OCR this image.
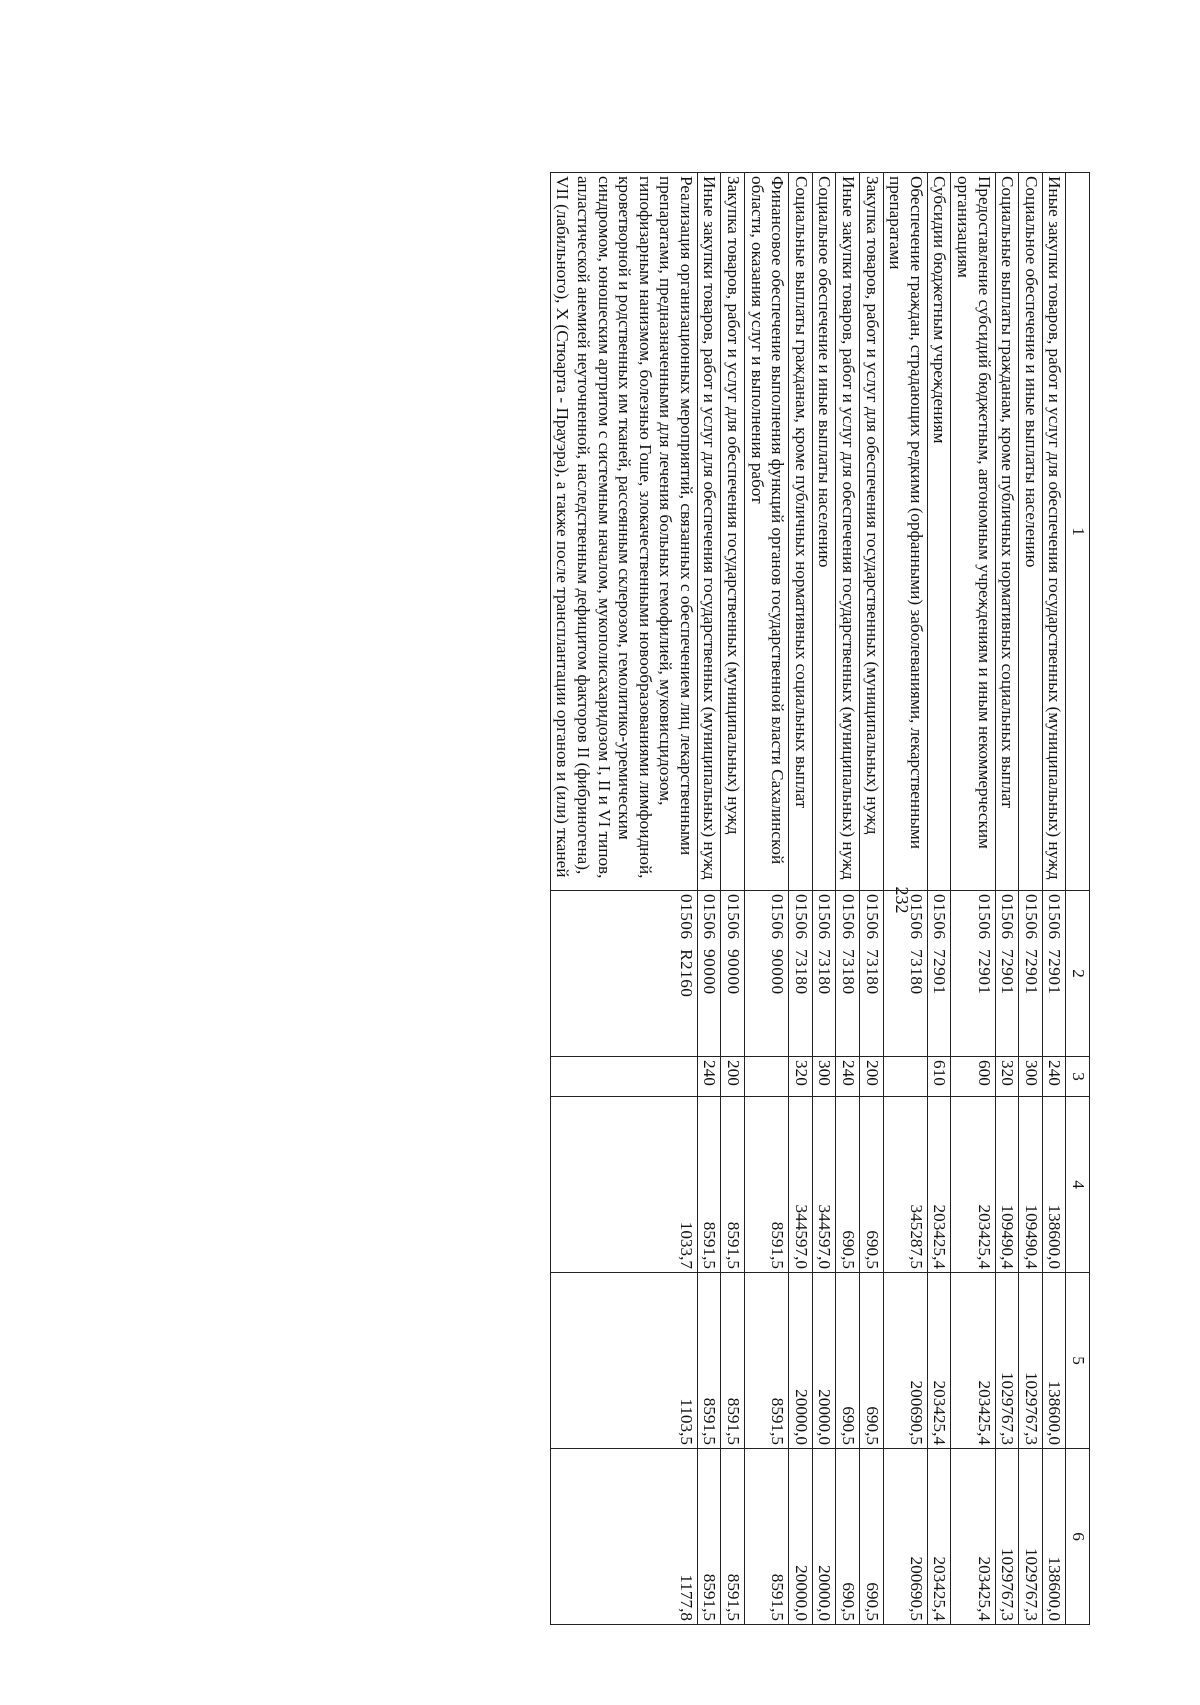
232
1	2	3	4	5	6
Иные закупки товаров, работ и услуг для обеспечения государственных (муниципальных) нужд	01506  72901	240	138600,0	138600,0	138600,0
Социальное обеспечение и иные выплаты населению	01506  72901	300	109490,4	1029767,3	1029767,3
Социальные выплаты гражданам, кроме публичных нормативных социальных выплат	01506  72901	320	109490,4	1029767,3	1029767,3
Предоставление субсидий бюджетным, автономным учреждениям и иным некоммерческим организациям	01506  72901	600	203425,4	203425,4	203425,4
Субсидии бюджетным учреждениям	01506  72901	610	203425,4	203425,4	203425,4
Обеспечение граждан, страдающих редкими (орфанными) заболеваниями, лекарственными препаратами	01506  73180		345287,5	200690,5	200690,5
Закупка товаров, работ и услуг для обеспечения государственных (муниципальных) нужд	01506  73180	200	690,5	690,5	690,5
Иные закупки товаров, работ и услуг для обеспечения государственных (муниципальных) нужд	01506  73180	240	690,5	690,5	690,5
Социальное обеспечение и иные выплаты населению	01506  73180	300	344597,0	20000,0	20000,0
Социальные выплаты гражданам, кроме публичных нормативных социальных выплат	01506  73180	320	344597,0	20000,0	20000,0
Финансовое обеспечение выполнения функций органов государственной власти Сахалинской области, оказания услуг и выполнения работ	01506  90000		8591,5	8591,5	8591,5
Закупка товаров, работ и услуг для обеспечения государственных (муниципальных) нужд	01506  90000	200	8591,5	8591,5	8591,5
Иные закупки товаров, работ и услуг для обеспечения государственных (муниципальных) нужд	01506  90000	240	8591,5	8591,5	8591,5
Реализация организационных мероприятий, связанных с обеспечением лиц лекарственными препаратами, предназначенными для лечения больных гемофилией, муковисцидозом, гипофизарным нанизмом, болезнью Гоше, злокачественными новообразованиями лимфоидной, кроветворной и родственных им тканей, рассеянным склерозом, гемолитико-уремическим синдромом, юношеским артритом с системным началом, мукополисахаридозом I, II и VI типов, апластической анемией неуточненной, наследственным дефицитом факторов II (фибриногена), VII (лабильного), X (Стюарта - Прауэра), а также после трансплантации органов и (или) тканей	01506  R2160		1033,7	1103,5	1177,8
